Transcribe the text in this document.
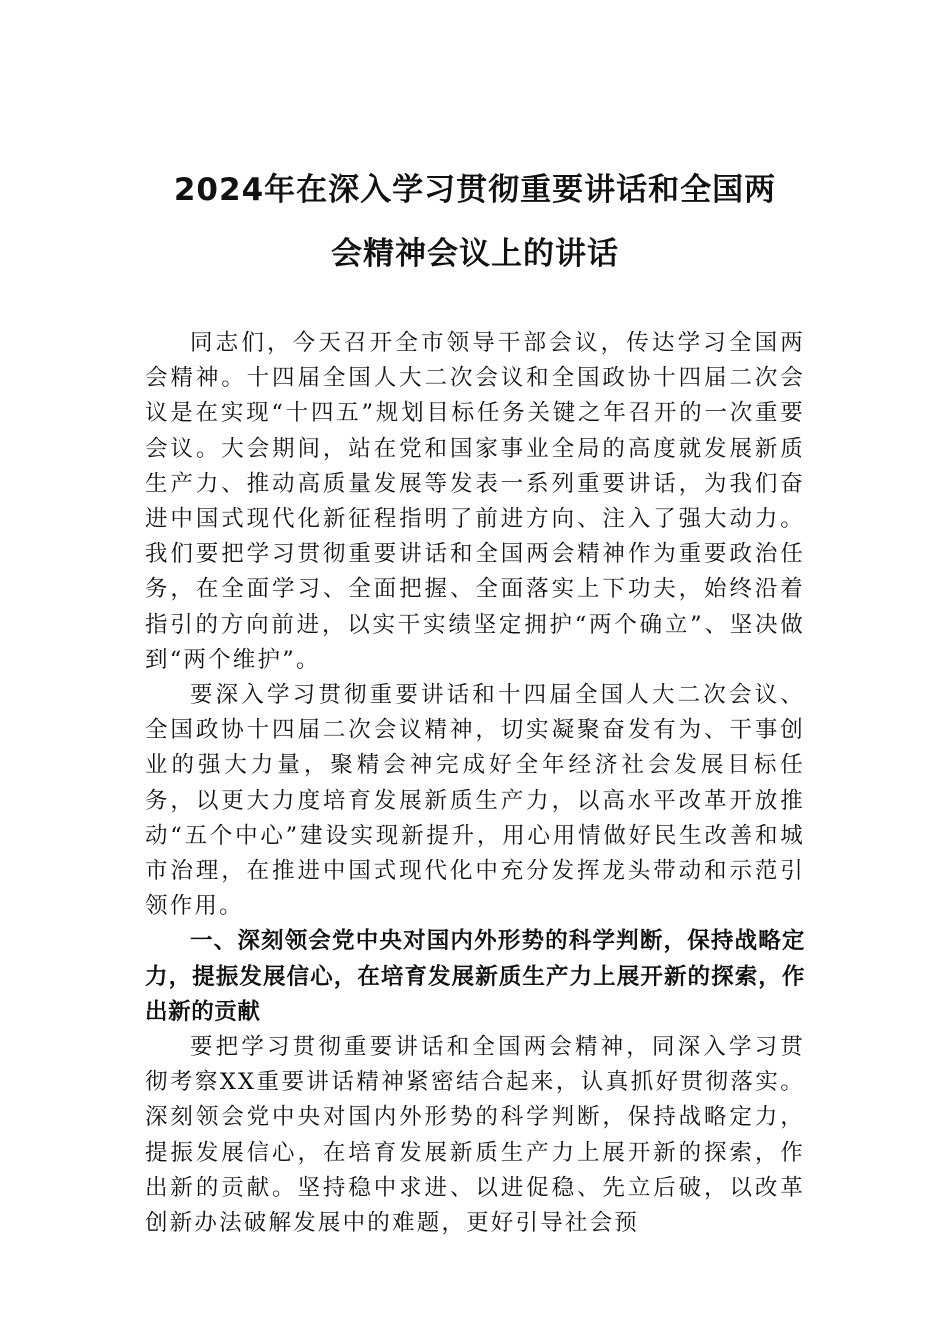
2024年在深入学习贯彻重要讲话和全国两
会精神会议上的讲话

同志们，今天召开全市领导干部会议，传达学习全国两会精神。十四届全国人大二次会议和全国政协十四届二次会议是在实现“十四五”规划目标任务关键之年召开的一次重要会议。大会期间，站在党和国家事业全局的高度就发展新质生产力、推动高质量发展等发表一系列重要讲话，为我们奋进中国式现代化新征程指明了前进方向、注入了强大动力。我们要把学习贯彻重要讲话和全国两会精神作为重要政治任务，在全面学习、全面把握、全面落实上下功夫，始终沿着指引的方向前进，以实干实绩坚定拥护“两个确立”、坚决做到“两个维护”。

要深入学习贯彻重要讲话和十四届全国人大二次会议、全国政协十四届二次会议精神，切实凝聚奋发有为、干事创业的强大力量，聚精会神完成好全年经济社会发展目标任务，以更大力度培育发展新质生产力，以高水平改革开放推动“五个中心”建设实现新提升，用心用情做好民生改善和城市治理，在推进中国式现代化中充分发挥龙头带动和示范引领作用。

一、深刻领会党中央对国内外形势的科学判断，保持战略定力，提振发展信心，在培育发展新质生产力上展开新的探索，作出新的贡献

要把学习贯彻重要讲话和全国两会精神，同深入学习贯彻考察XX重要讲话精神紧密结合起来，认真抓好贯彻落实。深刻领会党中央对国内外形势的科学判断，保持战略定力，提振发展信心，在培育发展新质生产力上展开新的探索，作出新的贡献。坚持稳中求进、以进促稳、先立后破，以改革创新办法破解发展中的难题，更好引导社会预
